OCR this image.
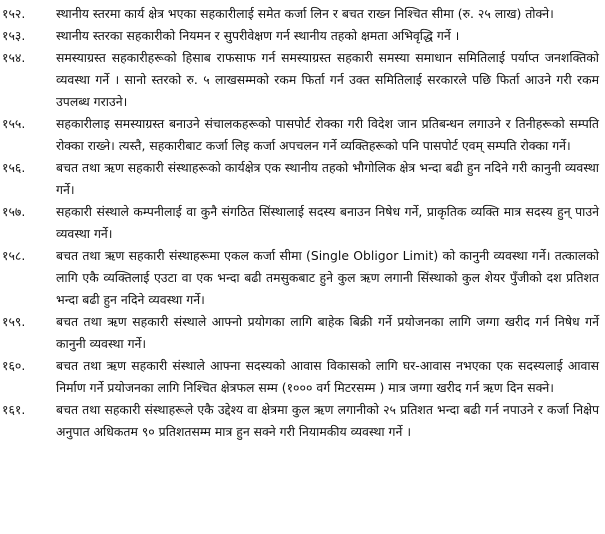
१५२.	स्थानीय स्तरमा कार्य क्षेत्र भएका सहकारीलाई समेत कर्जा लिन र बचत राख्न निश्चित सीमा (रु. २५ लाख) तोक्ने।
१५३.	स्थानीय स्तरका सहकारीको नियमन र सुपरीवेक्षण गर्न स्थानीय तहको क्षमता अभिवृद्धि गर्ने ।
१५४.	समस्याग्रस्त सहकारीहरूको हिसाब राफसाफ गर्न समस्याग्रस्त सहकारी समस्या समाधान समितिलाई पर्याप्त जनशक्तिको व्यवस्था गर्ने । सानो स्तरको रु. ५ लाखसम्मको रकम फिर्ता गर्न उक्त समितिलाई सरकारले पछि फिर्ता आउने गरी रकम उपलब्ध गराउने।
१५५.	सहकारीलाइ समस्याग्रस्त बनाउने संचालकहरूको पासपोर्ट रोक्का गरी विदेश जान प्रतिबन्धन लगाउने र तिनीहरूको सम्पति रोक्का राख्ने। त्यस्तै, सहकारीबाट कर्जा लिइ कर्जा अपचलन गर्ने व्यक्तिहरूको पनि पासपोर्ट एवम् सम्पति रोक्का गर्ने।
१५६.	बचत तथा ऋण सहकारी संस्थाहरूको कार्यक्षेत्र एक स्थानीय तहको भौगोलिक क्षेत्र भन्दा बढी हुन नदिने गरी कानुनी व्यवस्था गर्ने।
१५७.	सहकारी संस्थाले कम्पनीलाई वा कुनै संगठित सिंस्थालाई सदस्य बनाउन निषेध गर्ने, प्राकृतिक व्यक्ति मात्र सदस्य हुन् पाउने व्यवस्था गर्ने।
१५८.	बचत तथा ऋण सहकारी संस्थाहरूमा एकल कर्जा सीमा (Single Obligor Limit) को कानुनी व्यवस्था गर्ने। तत्कालको लागि एकै व्यक्तिलाई एउटा वा एक भन्दा बढी तमसुकबाट हुने कुल ऋण लगानी सिंस्थाको कुल शेयर पुँजीको दश प्रतिशत भन्दा बढी हुन नदिने व्यवस्था गर्ने।
१५९.	बचत तथा ऋण सहकारी संस्थाले आफ्नो प्रयोगका लागि बाहेक बिक्री गर्ने प्रयोजनका लागि जग्गा खरीद गर्न निषेध गर्ने कानुनी व्यवस्था गर्ने।
१६०.	बचत तथा ऋण सहकारी संस्थाले आफ्ना सदस्यको आवास विकासको लागि घर-आवास नभएका एक सदस्यलाई आवास निर्माण गर्ने प्रयोजनका लागि निश्चित क्षेत्रफल सम्म (१००० वर्ग मिटरसम्म ) मात्र जग्गा खरीद गर्न ऋण दिन सक्ने।
१६१.	बचत तथा सहकारी संस्थाहरूले एकै उद्देश्य वा क्षेत्रमा कुल ऋण लगानीको २५ प्रतिशत भन्दा बढी गर्न नपाउने र कर्जा निक्षेप अनुपात अधिकतम ९० प्रतिशतसम्म मात्र हुन सक्ने गरी नियामकीय व्यवस्था गर्ने ।
